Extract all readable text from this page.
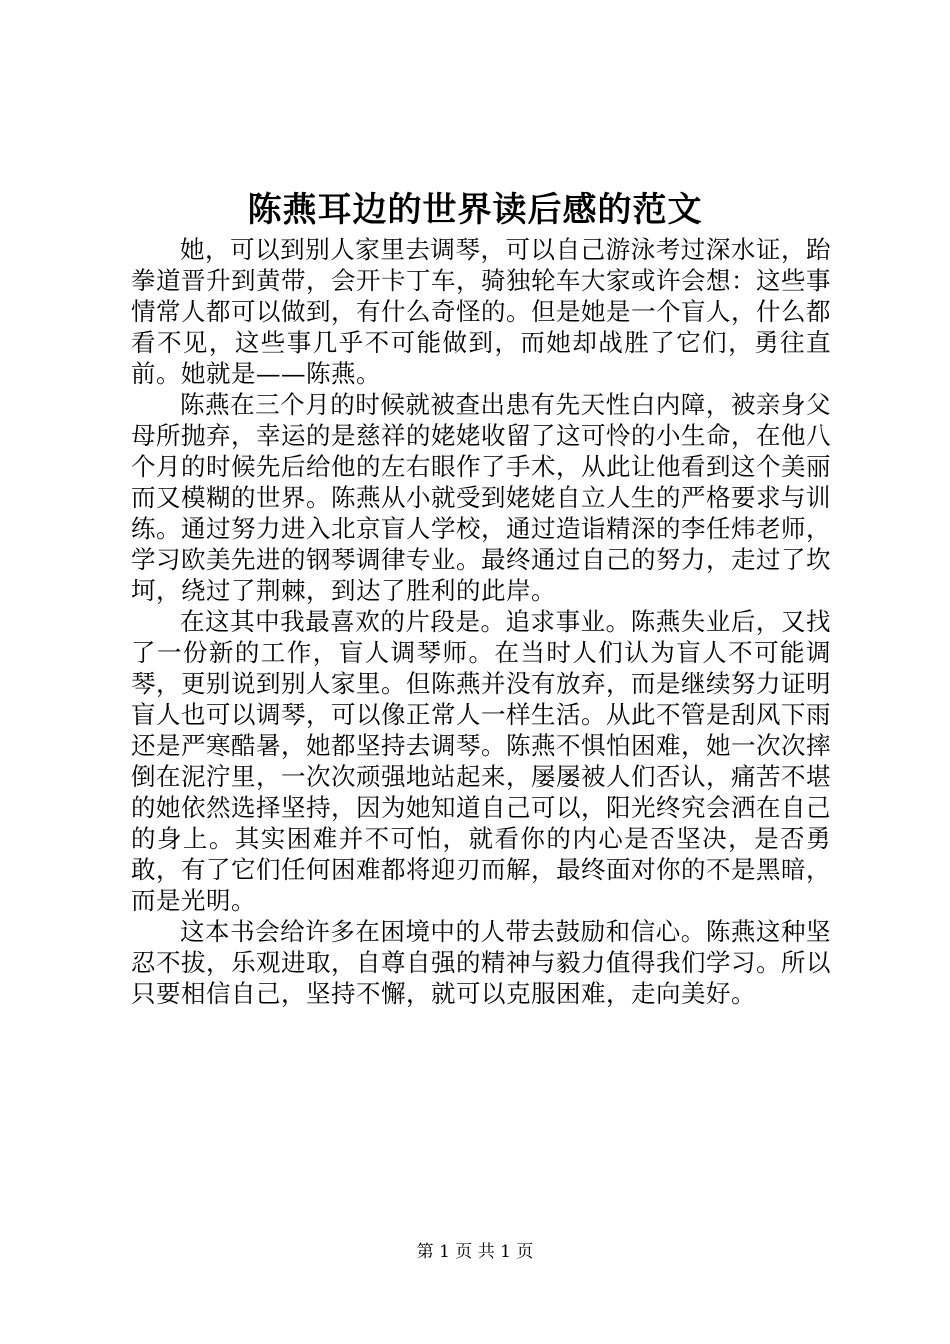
陈燕耳边的世界读后感的范文

她，可以到别人家里去调琴，可以自己游泳考过深水证，跆拳道晋升到黄带，会开卡丁车，骑独轮车大家或许会想：这些事情常人都可以做到，有什么奇怪的。但是她是一个盲人，什么都看不见，这些事几乎不可能做到，而她却战胜了它们，勇往直前。她就是——陈燕。

陈燕在三个月的时候就被查出患有先天性白内障，被亲身父母所抛弃，幸运的是慈祥的姥姥收留了这可怜的小生命，在他八个月的时候先后给他的左右眼作了手术，从此让他看到这个美丽而又模糊的世界。陈燕从小就受到姥姥自立人生的严格要求与训练。通过努力进入北京盲人学校，通过造诣精深的李任炜老师，学习欧美先进的钢琴调律专业。最终通过自己的努力，走过了坎坷，绕过了荆棘，到达了胜利的此岸。

在这其中我最喜欢的片段是。追求事业。陈燕失业后，又找了一份新的工作，盲人调琴师。在当时人们认为盲人不可能调琴，更别说到别人家里。但陈燕并没有放弃，而是继续努力证明盲人也可以调琴，可以像正常人一样生活。从此不管是刮风下雨还是严寒酷暑，她都坚持去调琴。陈燕不惧怕困难，她一次次摔倒在泥泞里，一次次顽强地站起来，屡屡被人们否认，痛苦不堪的她依然选择坚持，因为她知道自己可以，阳光终究会洒在自己的身上。其实困难并不可怕，就看你的内心是否坚决，是否勇敢，有了它们任何困难都将迎刃而解，最终面对你的不是黑暗，而是光明。

这本书会给许多在困境中的人带去鼓励和信心。陈燕这种坚忍不拔，乐观进取，自尊自强的精神与毅力值得我们学习。所以只要相信自己，坚持不懈，就可以克服困难，走向美好。

第 1 页 共 1 页
